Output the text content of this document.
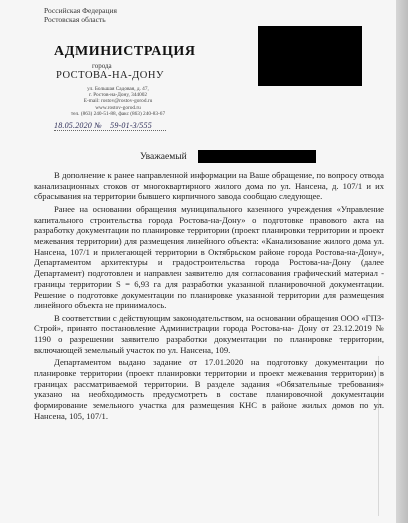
Российская Федерация
Ростовская область
АДМИНИСТРАЦИЯ
города
РОСТОВА-НА-ДОНУ
ул. Большая Садовая, д. 47,
г. Ростов-на-Дону, 344002
E-mail: rostov@rostov-gorod.ru
www.rostov-gorod.ru
тел. (863) 240-51-88, факс (863) 240-83-67
18.05.2020 № 59-01-3/555
Уважаемый

В дополнение к ранее направленной информации на Ваше обращение, по вопросу отвода канализационных стоков от многоквартирного жилого дома по ул. Нансена, д. 107/1 и их сбрасывания на территории бывшего кирпичного завода сообщаю следующее.

Ранее на основании обращения муниципального казенного учреждения «Управление капитального строительства города Ростова-на-Дону» о подготовке правового акта на разработку документации по планировке территории (проект планировки территории и проект межевания территории) для размещения линейного объекта: «Канализование жилого дома ул. Нансена, 107/1 и прилегающей территории в Октябрьском районе города Ростова-на-Дону», Департаментом архитектуры и градостроительства города Ростова-на-Дону (далее Департамент) подготовлен и направлен заявителю для согласования графический материал - границы территории S = 6,93 га для разработки указанной планировочной документации. Решение о подготовке документации по планировке указанной территории для размещения линейного объекта не принималось.

В соответствии с действующим законодательством, на основании обращения ООО «ГПЗ-Строй», принято постановление Администрации города Ростова-на- Дону от 23.12.2019 № 1190 о разрешении заявителю разработки документации по планировке территории, включающей земельный участок по ул. Нансена, 109.

Департаментом выдано задание от 17.01.2020 на подготовку документации по планировке территории (проект планировки территории и проект межевания территории) в границах рассматриваемой территории. В разделе задания «Обязательные требования» указано на необходимость предусмотреть в составе планировочной документации формирование земельного участка для размещения КНС в районе жилых домов по ул. Нансена, 105, 107/1.
